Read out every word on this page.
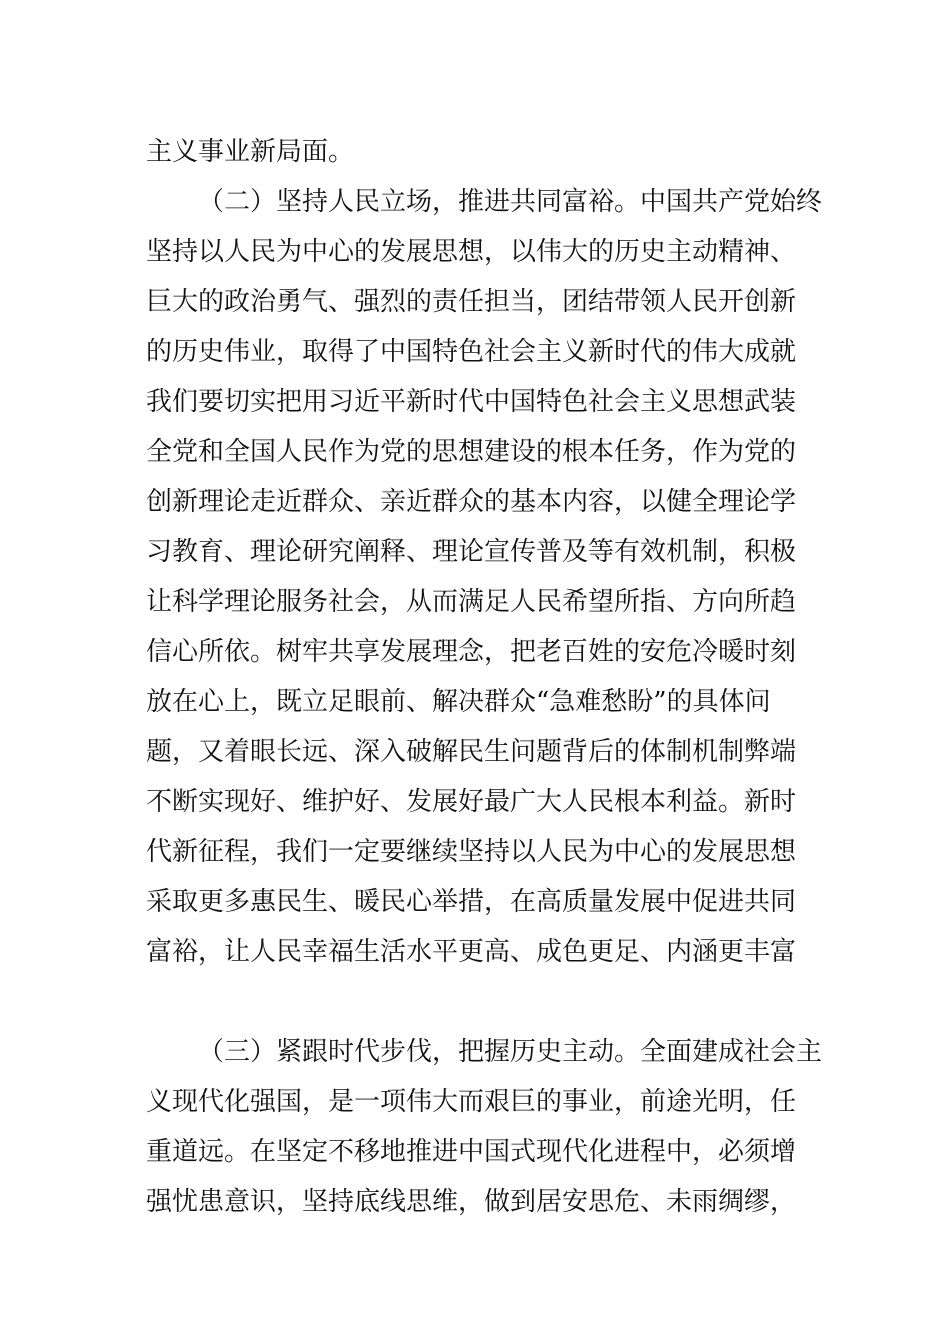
主义事业新局面。
（二）坚持人民立场，推进共同富裕。中国共产党始终
坚持以人民为中心的发展思想，以伟大的历史主动精神、
巨大的政治勇气、强烈的责任担当，团结带领人民开创新
的历史伟业，取得了中国特色社会主义新时代的伟大成就
我们要切实把用习近平新时代中国特色社会主义思想武装
全党和全国人民作为党的思想建设的根本任务，作为党的
创新理论走近群众、亲近群众的基本内容，以健全理论学
习教育、理论研究阐释、理论宣传普及等有效机制，积极
让科学理论服务社会，从而满足人民希望所指、方向所趋
信心所依。树牢共享发展理念，把老百姓的安危冷暖时刻
放在心上，既立足眼前、解决群众“急难愁盼”的具体问
题，又着眼长远、深入破解民生问题背后的体制机制弊端
不断实现好、维护好、发展好最广大人民根本利益。新时
代新征程，我们一定要继续坚持以人民为中心的发展思想
采取更多惠民生、暖民心举措，在高质量发展中促进共同
富裕，让人民幸福生活水平更高、成色更足、内涵更丰富
（三）紧跟时代步伐，把握历史主动。全面建成社会主
义现代化强国，是一项伟大而艰巨的事业，前途光明，任
重道远。在坚定不移地推进中国式现代化进程中，必须增
强忧患意识，坚持底线思维，做到居安思危、未雨绸缪，
